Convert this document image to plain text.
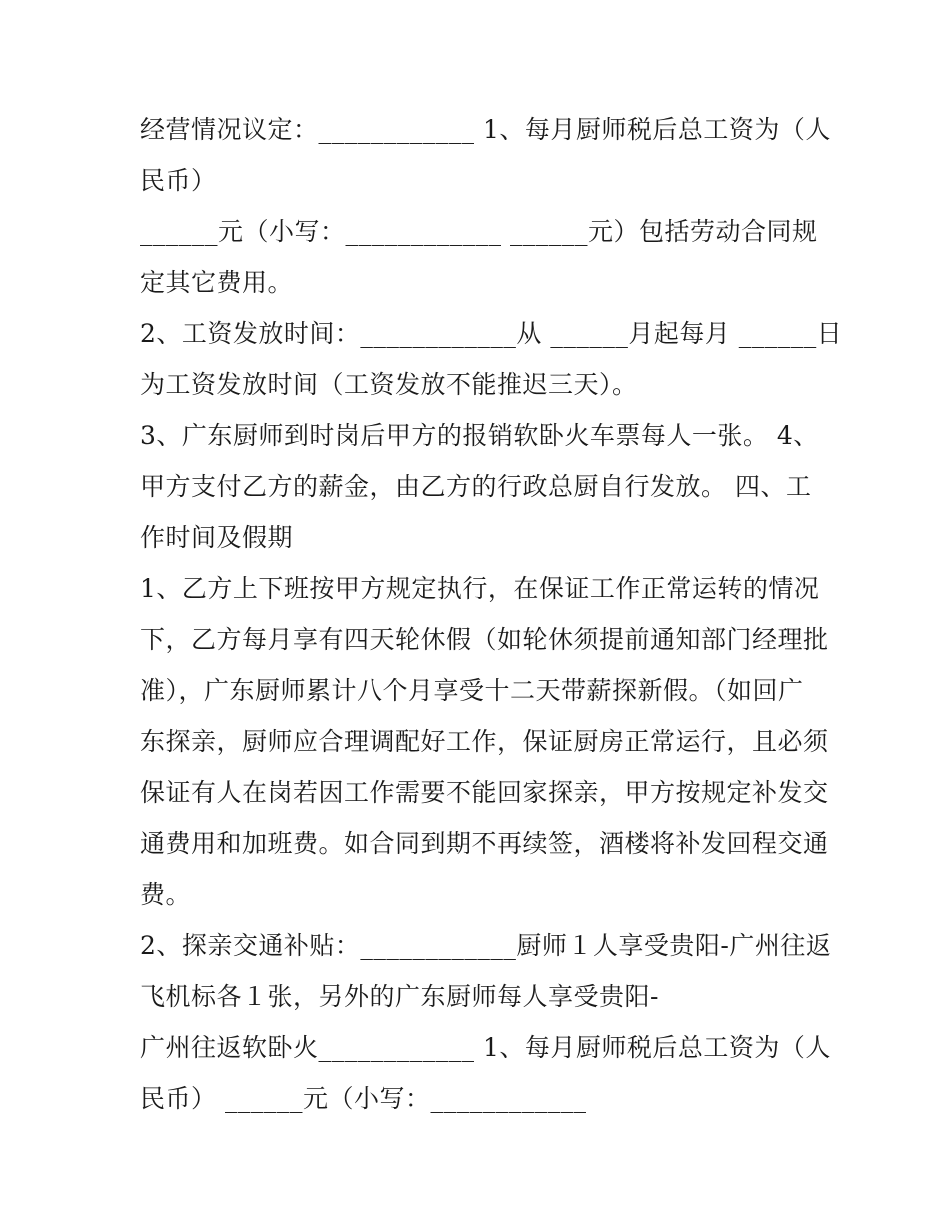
经营情况议定：____________ 1、每月厨师税后总工资为（人
民币）
______元（小写：____________ ______元）包括劳动合同规
定其它费用。
2、工资发放时间：____________从 ______月起每月 ______日
为工资发放时间（工资发放不能推迟三天）。
3、广东厨师到时岗后甲方的报销软卧火车票每人一张。 4、
甲方支付乙方的薪金，由乙方的行政总厨自行发放。 四、工
作时间及假期
1、乙方上下班按甲方规定执行，在保证工作正常运转的情况
下，乙方每月享有四天轮休假（如轮休须提前通知部门经理批
准），广东厨师累计八个月享受十二天带薪探新假。（如回广
东探亲，厨师应合理调配好工作，保证厨房正常运行，且必须
保证有人在岗若因工作需要不能回家探亲，甲方按规定补发交
通费用和加班费。如合同到期不再续签，酒楼将补发回程交通
费。
2、探亲交通补贴：____________厨师１人享受贵阳-广州往返
飞机标各１张，另外的广东厨师每人享受贵阳-
广州往返软卧火____________ 1、每月厨师税后总工资为（人
民币） ______元（小写：____________
